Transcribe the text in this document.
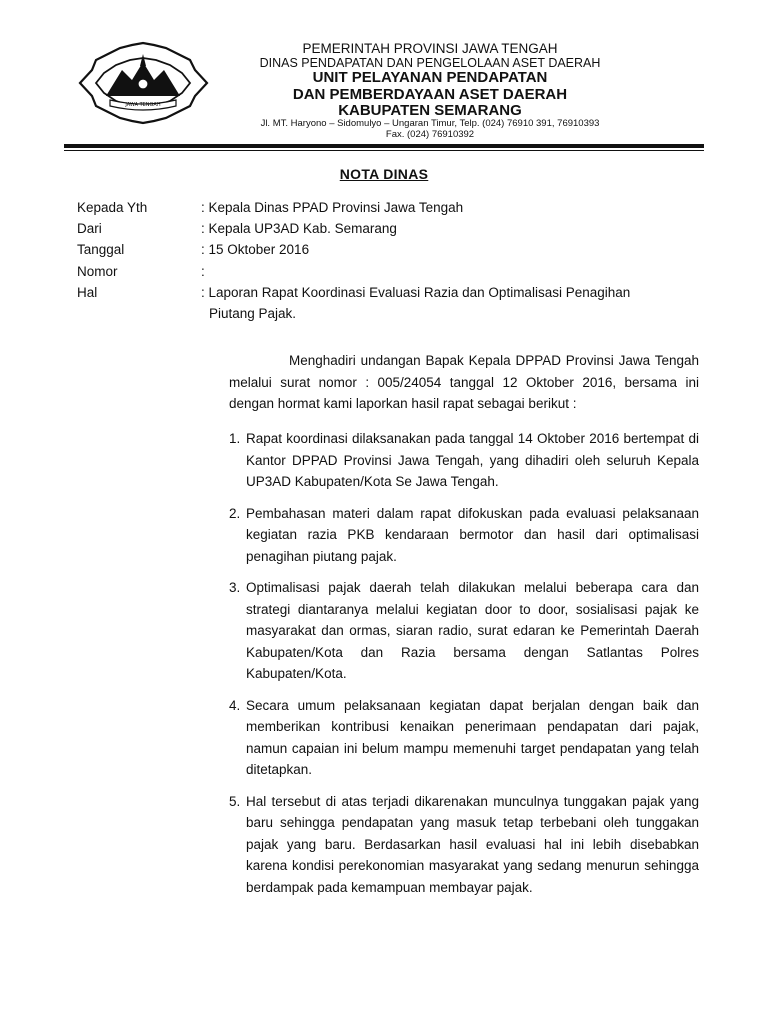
JAWA TENGAH
PEMERINTAH PROVINSI JAWA TENGAH
DINAS PENDAPATAN DAN PENGELOLAAN ASET DAERAH
UNIT PELAYANAN PENDAPATAN
DAN PEMBERDAYAAN ASET DAERAH
KABUPATEN SEMARANG
Jl. MT. Haryono – Sidomulyo – Ungaran Timur, Telp. (024) 76910 391, 76910393
Fax. (024) 76910392
NOTA DINAS
Kepada Yth	: Kepala Dinas PPAD Provinsi Jawa Tengah
Dari	: Kepala UP3AD Kab. Semarang
Tanggal	: 15 Oktober 2016
Nomor	:
Hal	: Laporan Rapat Koordinasi Evaluasi Razia dan Optimalisasi Penagihan
Piutang Pajak.
Menghadiri undangan Bapak Kepala DPPAD Provinsi Jawa Tengah melalui surat nomor : 005/24054 tanggal 12 Oktober 2016, bersama ini dengan hormat kami laporkan hasil rapat sebagai berikut :
1. Rapat koordinasi dilaksanakan pada tanggal 14 Oktober 2016 bertempat di Kantor DPPAD Provinsi Jawa Tengah, yang dihadiri oleh seluruh Kepala UP3AD Kabupaten/Kota Se Jawa Tengah.
2. Pembahasan materi dalam rapat difokuskan pada evaluasi pelaksanaan kegiatan razia PKB kendaraan bermotor dan hasil dari optimalisasi penagihan piutang pajak.
3. Optimalisasi pajak daerah telah dilakukan melalui beberapa cara dan strategi diantaranya melalui kegiatan door to door, sosialisasi pajak ke masyarakat dan ormas, siaran radio, surat edaran ke Pemerintah Daerah Kabupaten/Kota dan Razia bersama dengan Satlantas Polres Kabupaten/Kota.
4. Secara umum pelaksanaan kegiatan dapat berjalan dengan baik dan memberikan kontribusi kenaikan penerimaan pendapatan dari pajak, namun capaian ini belum mampu memenuhi target pendapatan yang telah ditetapkan.
5. Hal tersebut di atas terjadi dikarenakan munculnya tunggakan pajak yang baru sehingga pendapatan yang masuk tetap terbebani oleh tunggakan pajak yang baru. Berdasarkan hasil evaluasi hal ini lebih disebabkan karena kondisi perekonomian masyarakat yang sedang menurun sehingga berdampak pada kemampuan membayar pajak.
